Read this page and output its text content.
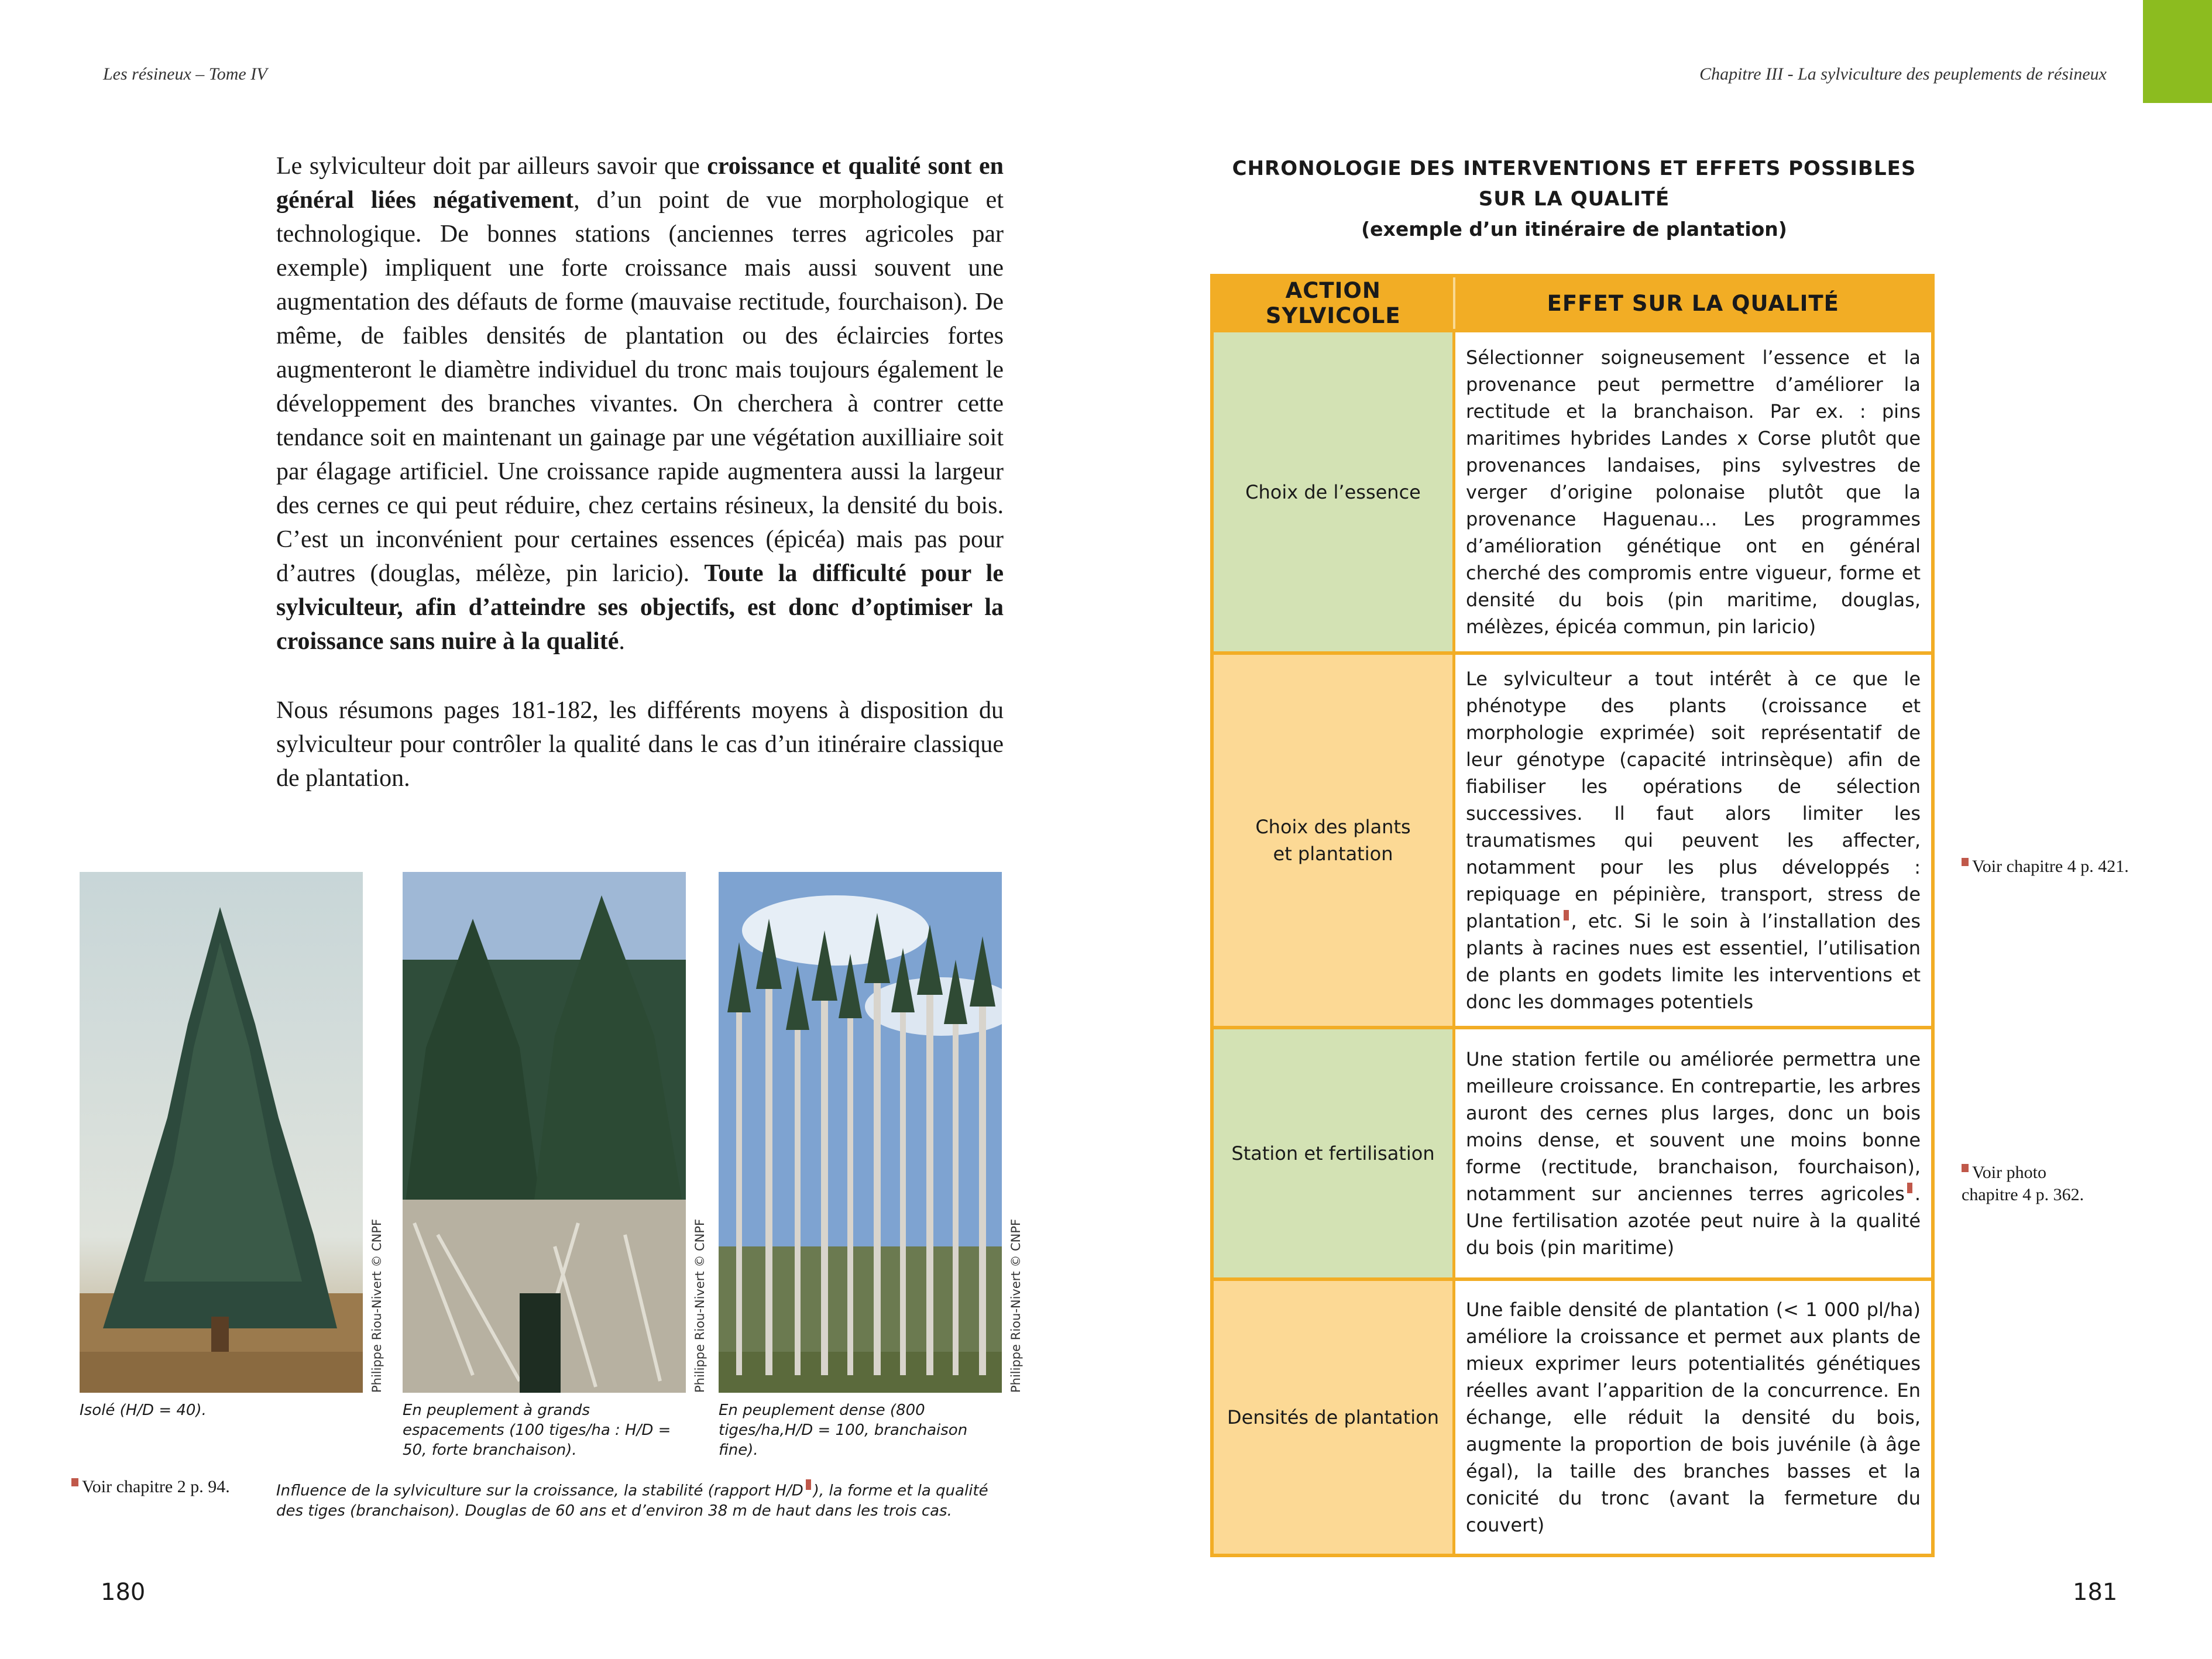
Les résineux – Tome IV	Chapitre III - La sylviculture des peuplements de résineux

Le sylviculteur doit par ailleurs savoir que croissance et qualité sont en général liées négativement, d’un point de vue morphologique et technologique. De bonnes stations (anciennes terres agricoles par exemple) impliquent une forte croissance mais aussi souvent une augmentation des défauts de forme (mauvaise rectitude, fourchaison). De même, de faibles densités de plantation ou des éclaircies fortes augmenteront le diamètre individuel du tronc mais toujours également le développement des branches vivantes. On cherchera à contrer cette tendance soit en maintenant un gainage par une végétation auxilliaire soit par élagage artificiel. Une croissance rapide augmentera aussi la largeur des cernes ce qui peut réduire, chez certains résineux, la densité du bois. C’est un inconvénient pour certaines essences (épicéa) mais pas pour d’autres (douglas, mélèze, pin laricio). Toute la difficulté pour le sylviculteur, afin d’atteindre ses objectifs, est donc d’optimiser la croissance sans nuire à la qualité.

Nous résumons pages 181-182, les différents moyens à disposition du sylviculteur pour contrôler la qualité dans le cas d’un itinéraire classique de plantation.

Philippe Riou-Nivert © CNPF	Philippe Riou-Nivert © CNPF	Philippe Riou-Nivert © CNPF
Isolé (H/D = 40).	En peuplement à grands espacements (100 tiges/ha : H/D = 50, forte branchaison).
En peuplement dense (800 tiges/ha,H/D = 100, branchaison fine).
Voir chapitre 2 p. 94.	Influence de la sylviculture sur la croissance, la stabilité (rapport H/D ), la forme et la qualité des tiges (branchaison). Douglas de 60 ans et d’environ 38 m de haut dans les trois cas.
180	181
CHRONOLOGIE DES INTERVENTIONS ET EFFETS POSSIBLES
SUR LA QUALITÉ
(exemple d’un itinéraire de plantation)
ACTION SYLVICOLE	EFFET SUR LA QUALITÉ
Choix de l’essence	Sélectionner soigneusement l’essence et la provenance peut permettre d’améliorer la rectitude et la branchaison. Par ex. : pins maritimes hybrides Landes x Corse plutôt que provenances landaises, pins sylvestres de verger d’origine polonaise plutôt que la provenance Haguenau… Les programmes d’amélioration génétique ont en général cherché des compromis entre vigueur, forme et densité du bois (pin maritime, douglas, mélèzes, épicéa commun, pin laricio)
Choix des plants
et plantation	Le sylviculteur a tout intérêt à ce que le phénotype des plants (croissance et morphologie exprimée) soit représentatif de leur génotype (capacité intrinsèque) afin de fiabiliser les opérations de sélection successives. Il faut alors limiter les traumatismes qui peuvent les affecter, notamment pour les plus développés : repiquage en pépinière, transport, stress de plantation , etc. Si le soin à l’installation des plants à racines nues est essentiel, l’utilisation de plants en godets limite les interventions et donc les dommages potentiels
Station et fertilisation	Une station fertile ou améliorée permettra une meilleure croissance. En contrepartie, les arbres auront des cernes plus larges, donc un bois moins dense, et souvent une moins bonne forme (rectitude, branchaison, fourchaison), notamment sur anciennes terres agricoles . Une fertilisation azotée peut nuire à la qualité du bois (pin maritime)
Densités de plantation	Une faible densité de plantation (< 1 000 pl/ha) améliore la croissance et permet aux plants de mieux exprimer leurs potentialités génétiques réelles avant l’apparition de la concurrence. En échange, elle réduit la densité du bois, augmente la proportion de bois juvénile (à âge égal), la taille des branches basses et la conicité du tronc (avant la fermeture du couvert)
Voir chapitre 4 p. 421.
Voir photo
chapitre 4 p. 362.
